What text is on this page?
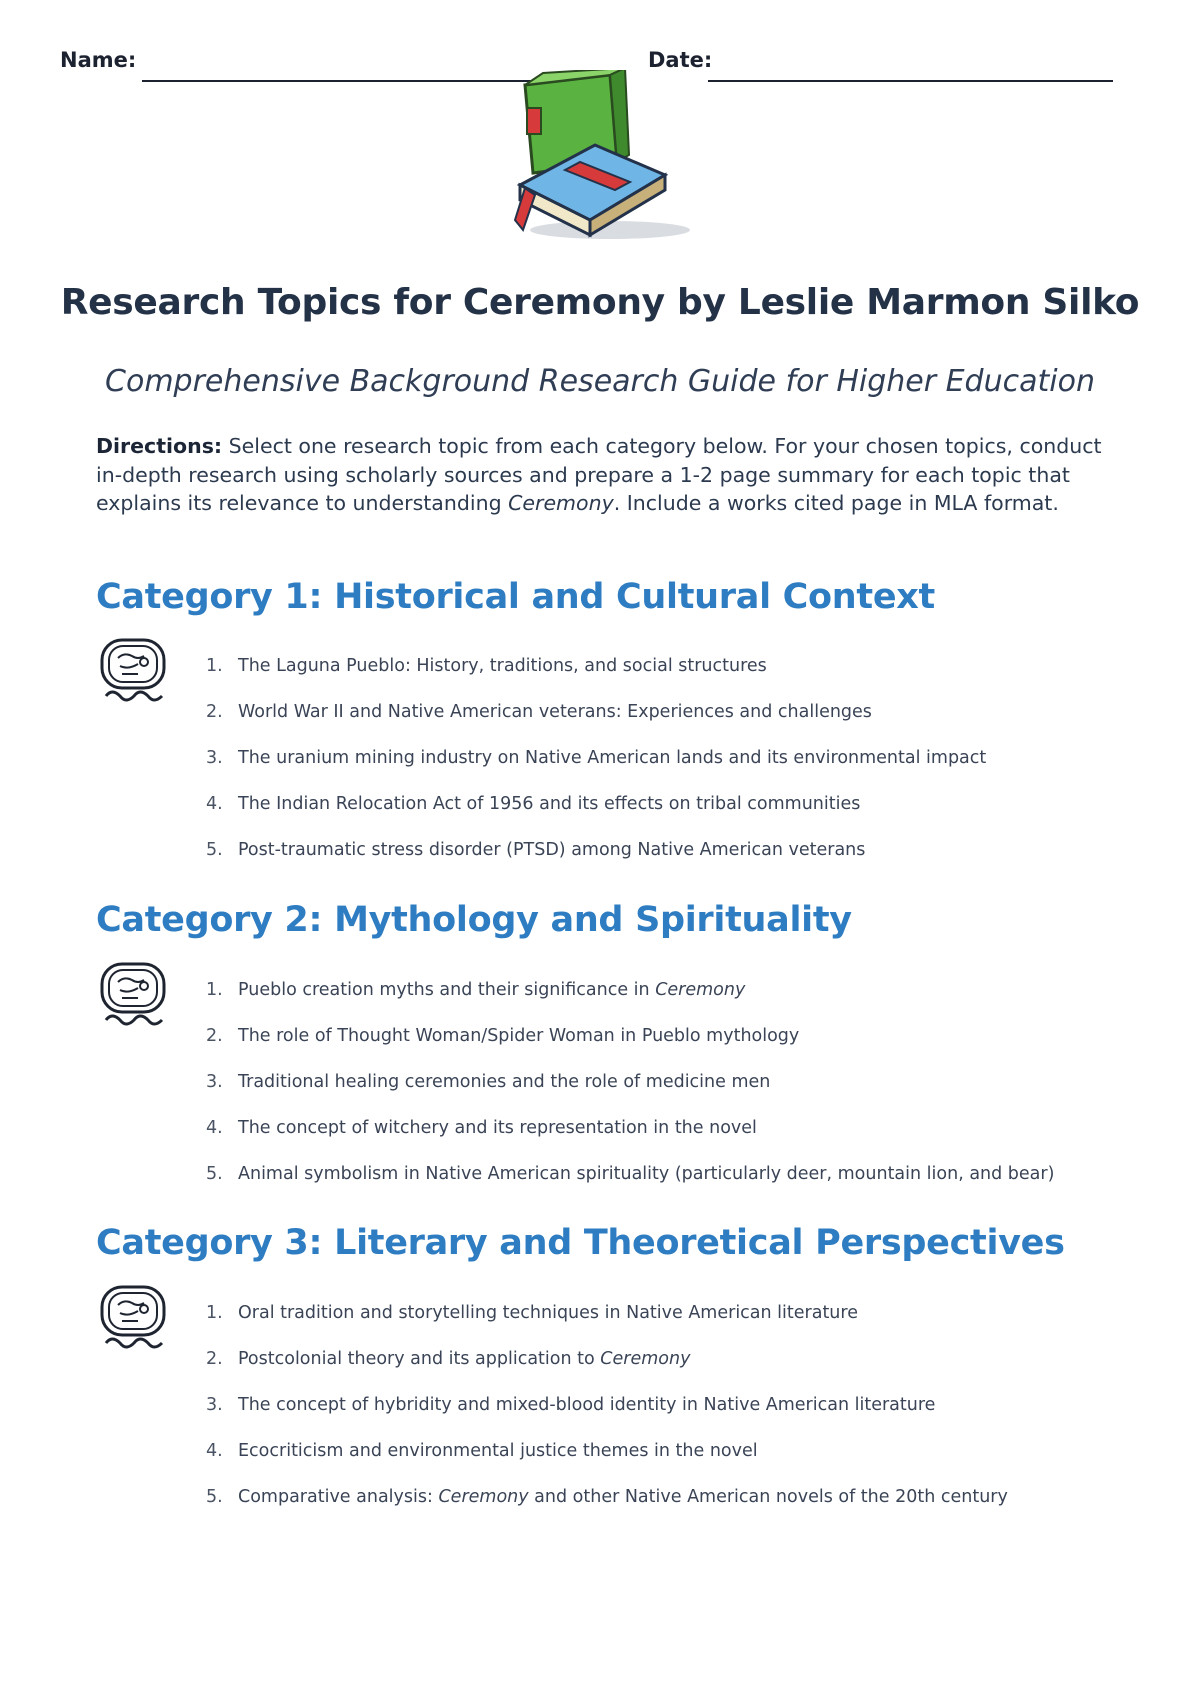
Name:	Date:
Research Topics for Ceremony by Leslie Marmon Silko
Comprehensive Background Research Guide for Higher Education
Directions: Select one research topic from each category below. For your chosen topics, conduct in-depth research using scholarly sources and prepare a 1-2 page summary for each topic that explains its relevance to understanding Ceremony. Include a works cited page in MLA format.
Category 1: Historical and Cultural Context
1. The Laguna Pueblo: History, traditions, and social structures
2. World War II and Native American veterans: Experiences and challenges
3. The uranium mining industry on Native American lands and its environmental impact
4. The Indian Relocation Act of 1956 and its effects on tribal communities
5. Post-traumatic stress disorder (PTSD) among Native American veterans
Category 2: Mythology and Spirituality
1. Pueblo creation myths and their significance in Ceremony
2. The role of Thought Woman/Spider Woman in Pueblo mythology
3. Traditional healing ceremonies and the role of medicine men
4. The concept of witchery and its representation in the novel
5. Animal symbolism in Native American spirituality (particularly deer, mountain lion, and bear)
Category 3: Literary and Theoretical Perspectives
1. Oral tradition and storytelling techniques in Native American literature
2. Postcolonial theory and its application to Ceremony
3. The concept of hybridity and mixed-blood identity in Native American literature
4. Ecocriticism and environmental justice themes in the novel
5. Comparative analysis: Ceremony and other Native American novels of the 20th century
